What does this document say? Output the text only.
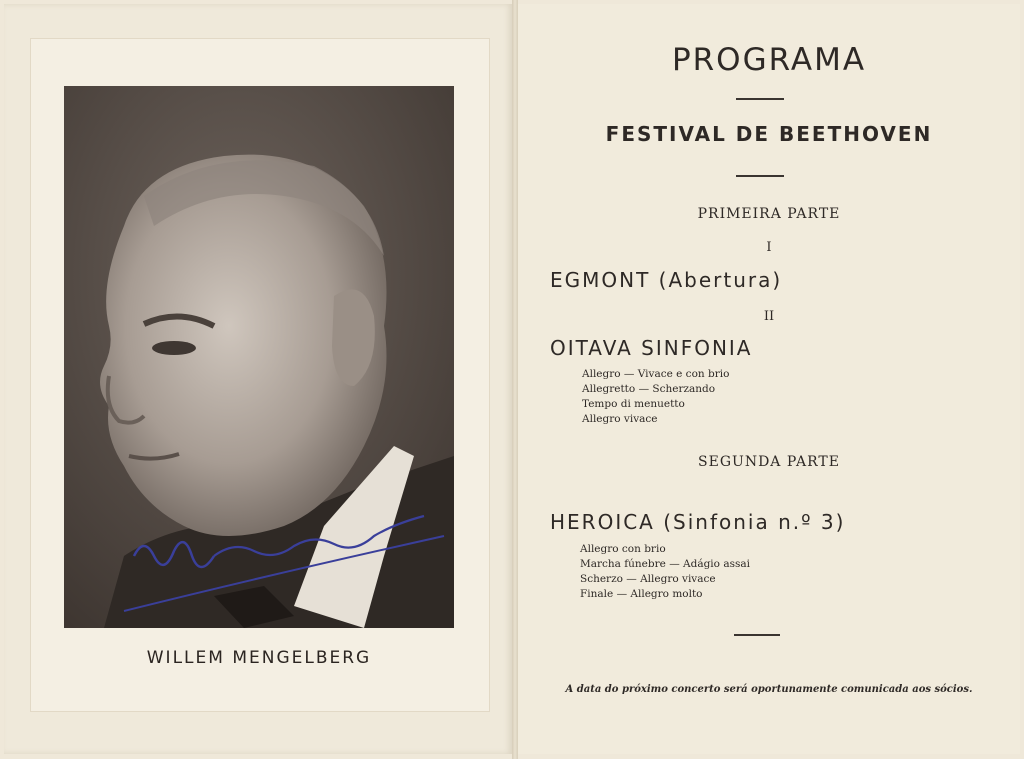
WILLEM MENGELBERG
PROGRAMA
FESTIVAL DE BEETHOVEN
PRIMEIRA PARTE
I
EGMONT (Abertura)
II
OITAVA SINFONIA
Allegro — Vivace e con brio
Allegretto — Scherzando
Tempo di menuetto
Allegro vivace
SEGUNDA PARTE
HEROICA (Sinfonia n.º 3)
Allegro con brio
Marcha fúnebre — Adágio assai
Scherzo — Allegro vivace
Finale — Allegro molto
A data do próximo concerto será oportunamente comunicada aos sócios.
